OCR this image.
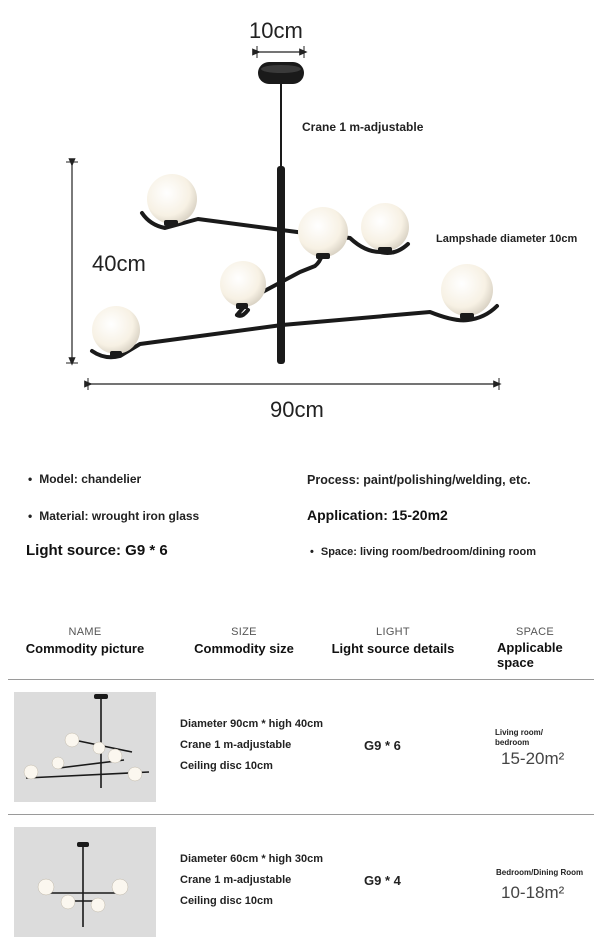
10cm
40cm
90cm
Crane 1 m-adjustable
Lampshade diameter 10cm
• Model: chandelier
• Material: wrought iron glass
Light source: G9 * 6
Process: paint/polishing/welding, etc.
Application: 15-20m2
• Space: living room/bedroom/dining room
NAME
Commodity picture
SIZE
Commodity size
LIGHT
Light source details
SPACE
Applicable space
Diameter 90cm * high 40cm
Crane 1 m-adjustable
Ceiling disc 10cm
G9 * 6
Living room/ bedroom
15-20m²
Diameter 60cm * high 30cm
Crane 1 m-adjustable
Ceiling disc 10cm
G9 * 4
Bedroom/Dining Room
10-18m²
